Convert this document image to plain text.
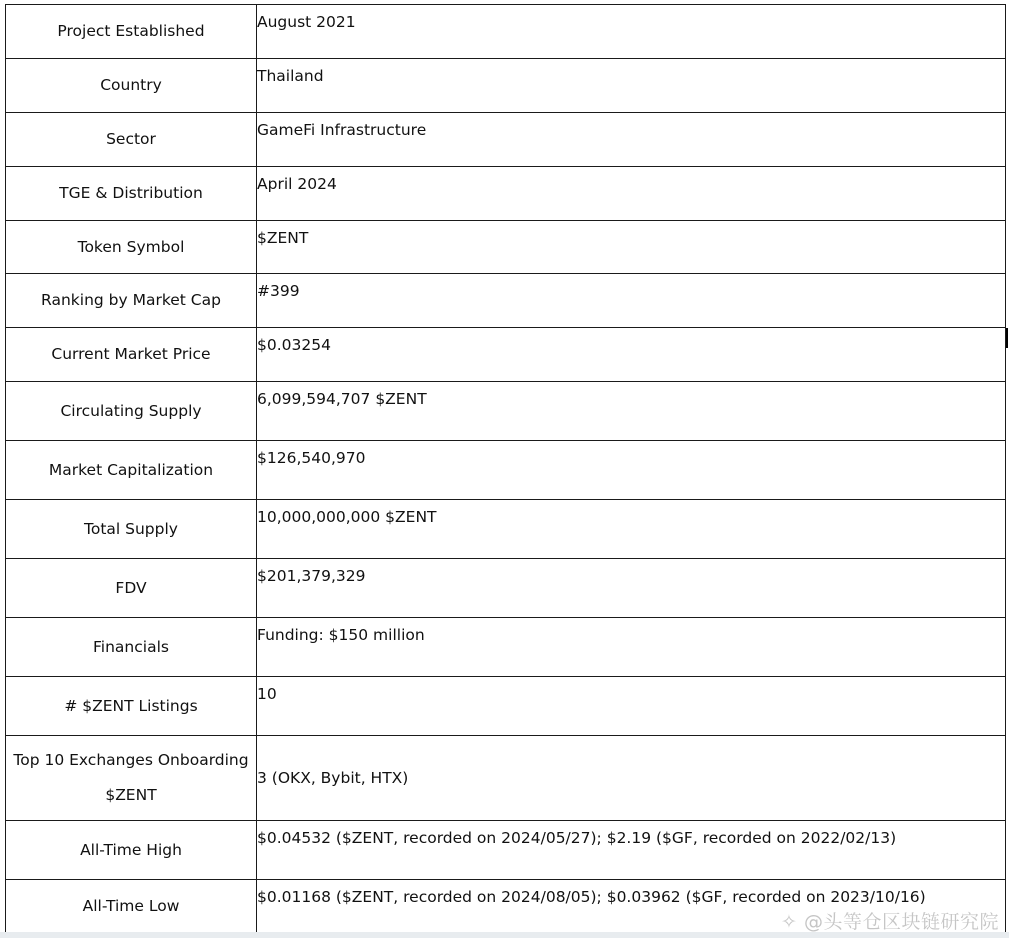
Project Established	August 2021
Country	Thailand
Sector	GameFi Infrastructure
TGE & Distribution	April 2024
Token Symbol	$ZENT
Ranking by Market Cap	#399
Current Market Price	$0.03254
Circulating Supply	6,099,594,707 $ZENT
Market Capitalization	$126,540,970
Total Supply	10,000,000,000 $ZENT
FDV	$201,379,329
Financials	Funding: $150 million
# $ZENT Listings	10
Top 10 Exchanges Onboarding $ZENT	3 (OKX, Bybit, HTX)
All-Time High	$0.04532 ($ZENT, recorded on 2024/05/27); $2.19 ($GF, recorded on 2022/02/13)
All-Time Low	$0.01168 ($ZENT, recorded on 2024/08/05); $0.03962 ($GF, recorded on 2023/10/16)
✧ @头等仓区块链研究院
